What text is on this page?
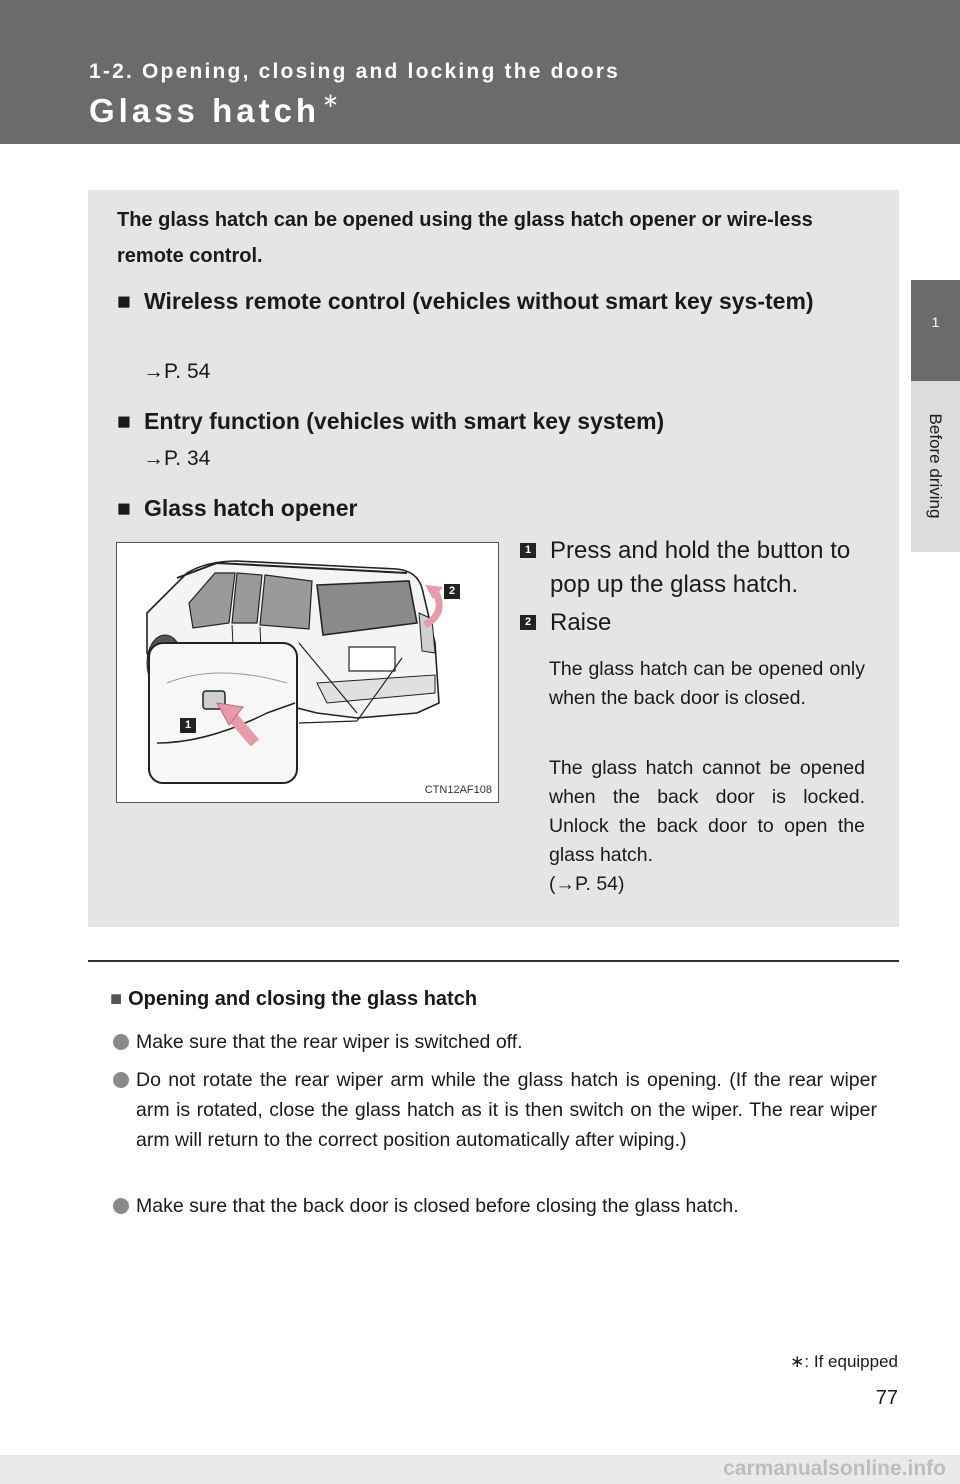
1-2. Opening, closing and locking the doors
Glass hatch ∗
1
Before driving
The glass hatch can be opened using the glass hatch opener or wire-less remote control.
■ Wireless remote control (vehicles without smart key sys-tem)
→P. 54
■ Entry function (vehicles with smart key system)
→P. 34
■ Glass hatch opener
1
2
CTN12AF108
1 Press and hold the button to pop up the glass hatch.
2 Raise
The glass hatch can be opened only when the back door is closed.
The glass hatch cannot be opened when the back door is locked. Unlock the back door to open the glass hatch.
(→P. 54)
■ Opening and closing the glass hatch
Make sure that the rear wiper is switched off.
Do not rotate the rear wiper arm while the glass hatch is opening. (If the rear wiper arm is rotated, close the glass hatch as it is then switch on the wiper. The rear wiper arm will return to the correct position automatically after wiping.)
Make sure that the back door is closed before closing the glass hatch.
∗: If equipped
77
carmanualsonline.info
